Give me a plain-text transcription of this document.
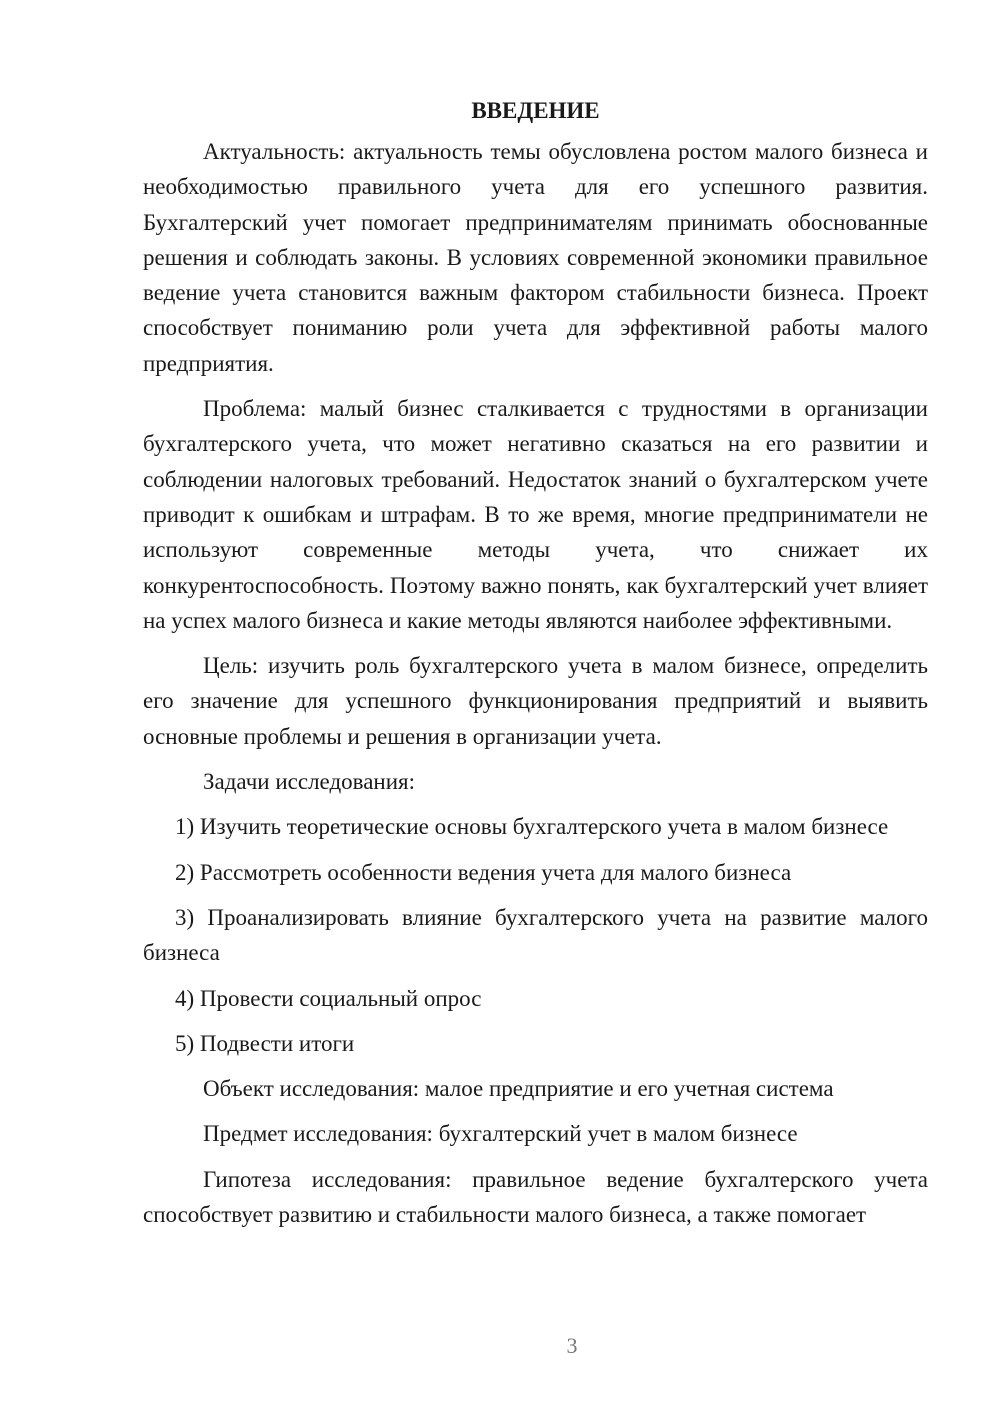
ВВЕДЕНИЕ

Актуальность: актуальность темы обусловлена ростом малого бизнеса и необходимостью правильного учета для его успешного развития. Бухгалтерский учет помогает предпринимателям принимать обоснованные решения и соблюдать законы. В условиях современной экономики правильное ведение учета становится важным фактором стабильности бизнеса. Проект способствует пониманию роли учета для эффективной работы малого предприятия.

Проблема: малый бизнес сталкивается с трудностями в организации бухгалтерского учета, что может негативно сказаться на его развитии и соблюдении налоговых требований. Недостаток знаний о бухгалтерском учете приводит к ошибкам и штрафам. В то же время, многие предприниматели не используют современные методы учета, что снижает их конкурентоспособность. Поэтому важно понять, как бухгалтерский учет влияет на успех малого бизнеса и какие методы являются наиболее эффективными.

Цель: изучить роль бухгалтерского учета в малом бизнесе, определить его значение для успешного функционирования предприятий и выявить основные проблемы и решения в организации учета.

Задачи исследования:

1) Изучить теоретические основы бухгалтерского учета в малом бизнесе

2) Рассмотреть особенности ведения учета для малого бизнеса

3) Проанализировать влияние бухгалтерского учета на развитие малого бизнеса

4) Провести социальный опрос

5) Подвести итоги

Объект исследования: малое предприятие и его учетная система

Предмет исследования: бухгалтерский учет в малом бизнесе

Гипотеза исследования: правильное ведение бухгалтерского учета способствует развитию и стабильности малого бизнеса, а также помогает

3
